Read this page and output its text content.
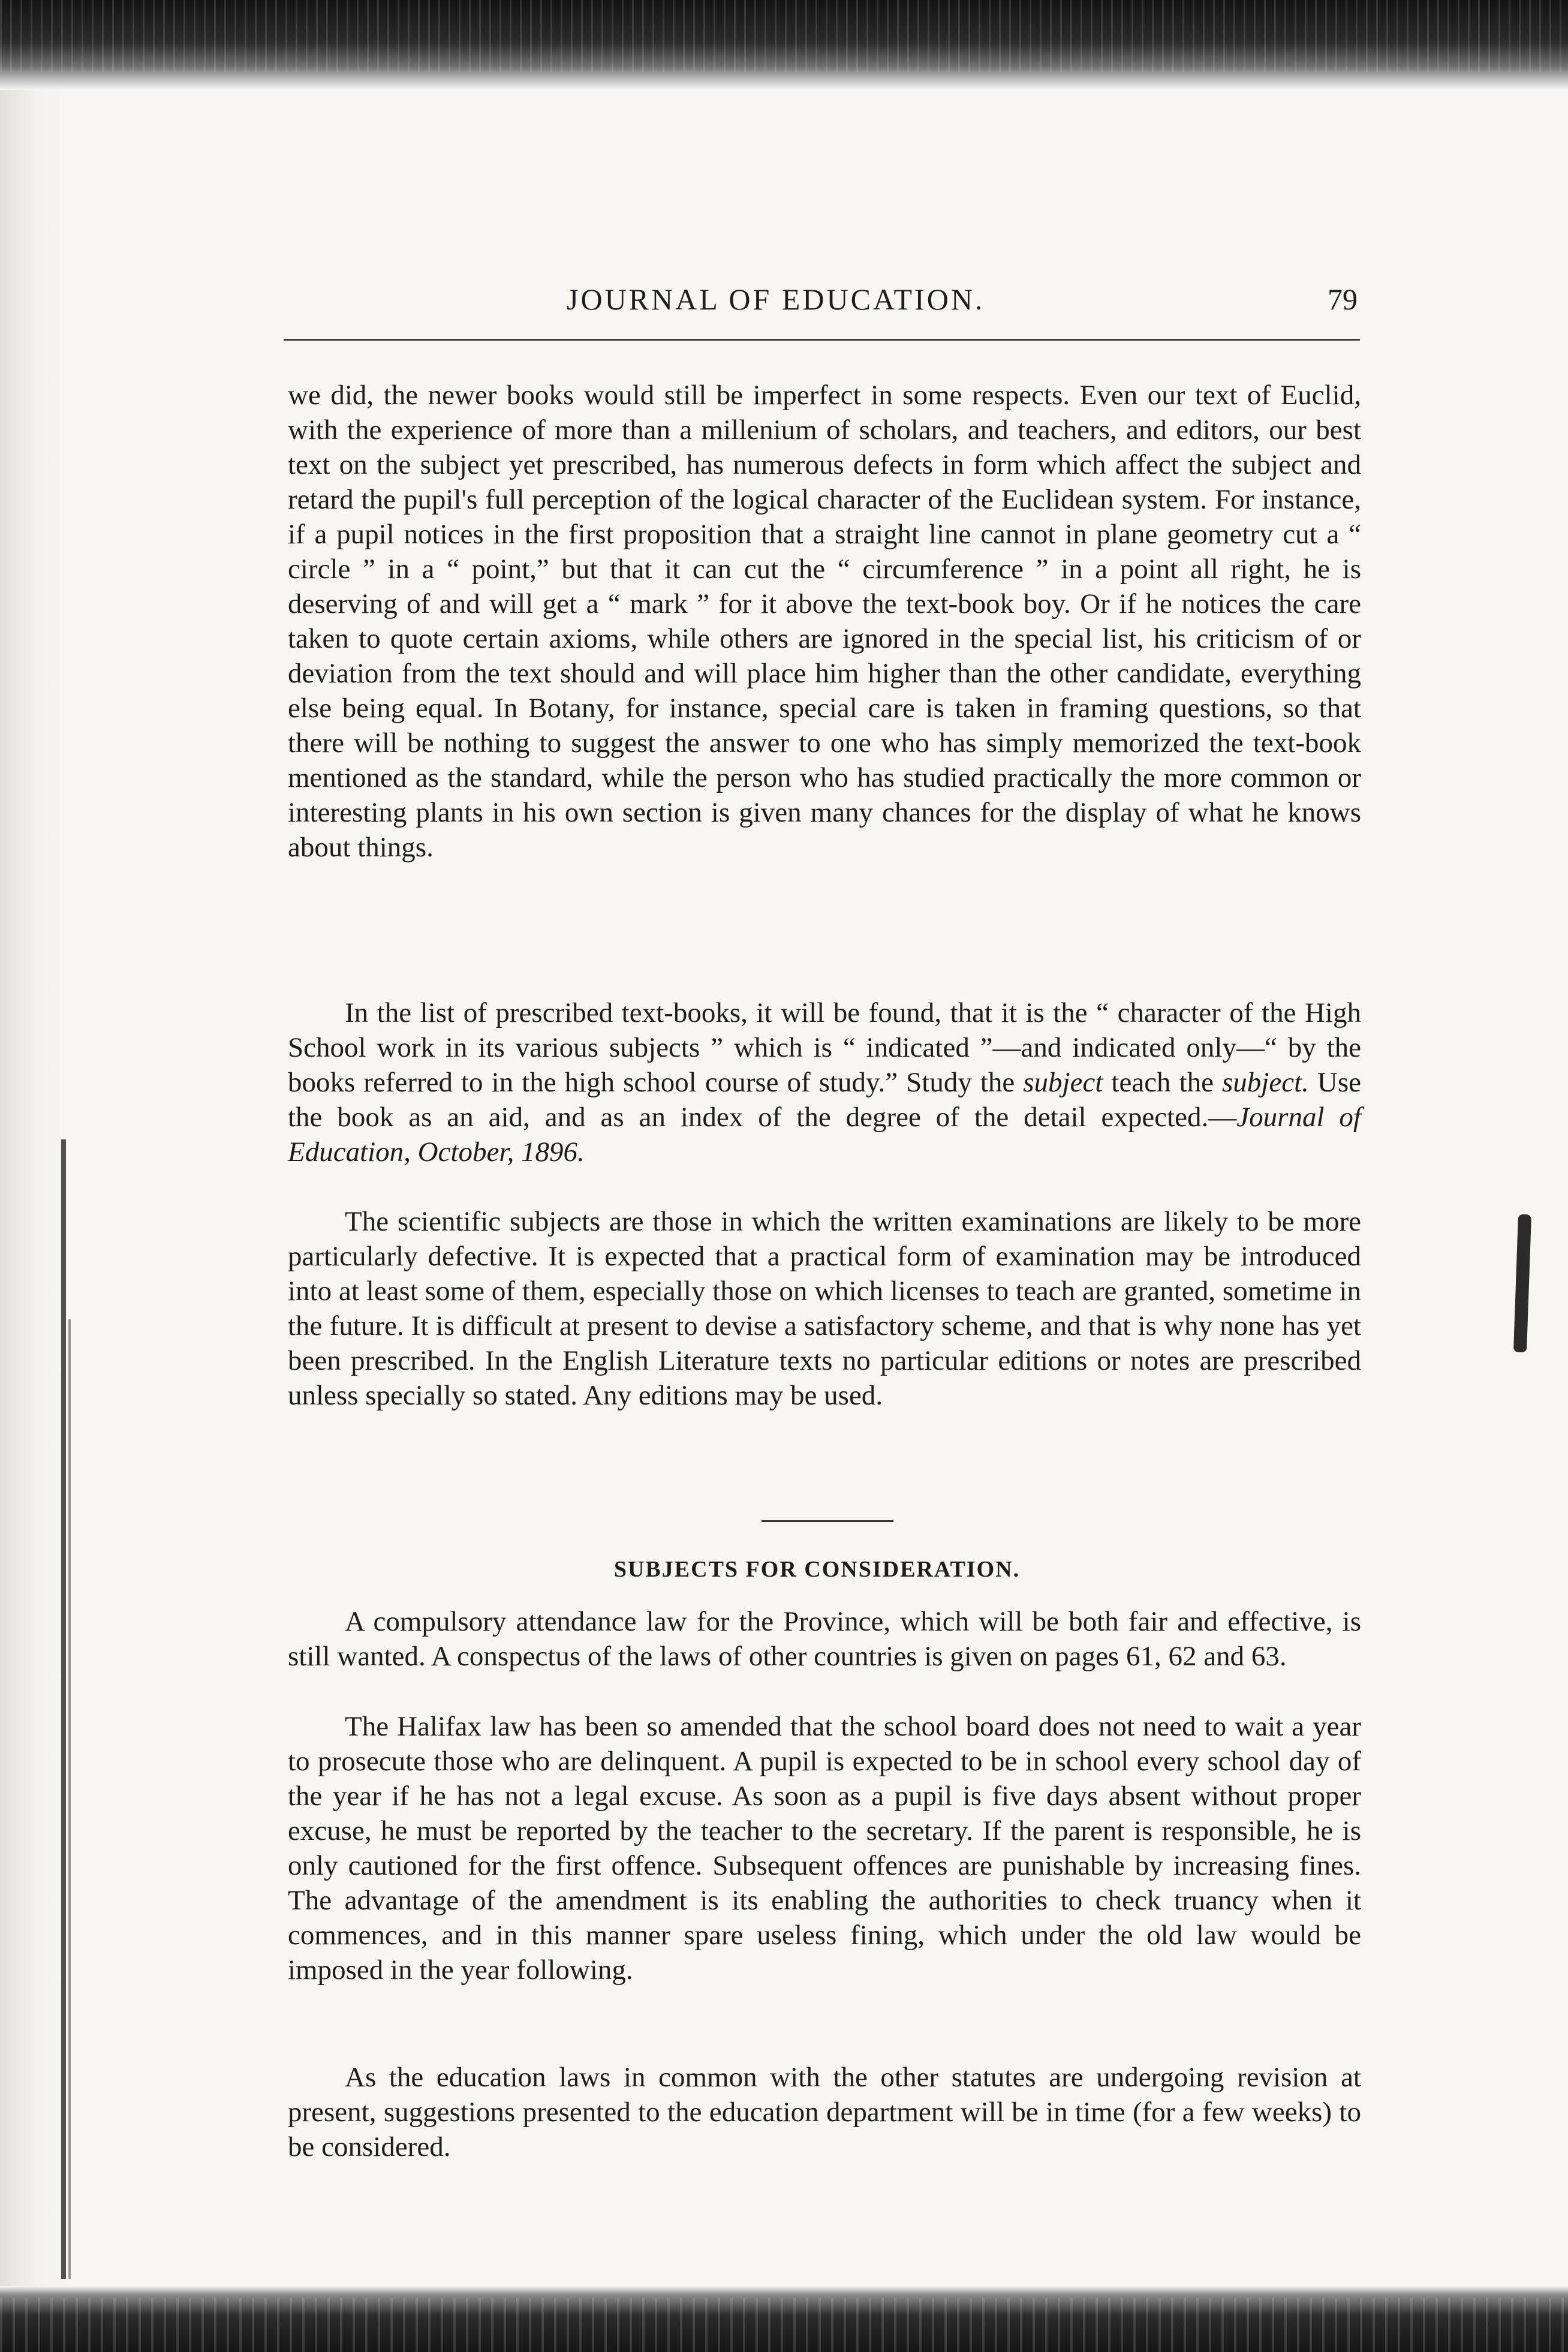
JOURNAL OF EDUCATION.	79

we did, the newer books would still be imperfect in some respects. Even our text of Euclid, with the experience of more than a millenium of scholars, and teachers, and editors, our best text on the subject yet prescribed, has numerous defects in form which affect the subject and retard the pupil's full perception of the logical character of the Euclidean system. For instance, if a pupil notices in the first proposition that a straight line cannot in plane geometry cut a “ circle ” in a “ point,” but that it can cut the “ circumference ” in a point all right, he is deserving of and will get a “ mark ” for it above the text-book boy. Or if he notices the care taken to quote certain axioms, while others are ignored in the special list, his criticism of or deviation from the text should and will place him higher than the other candidate, everything else being equal. In Botany, for instance, special care is taken in framing questions, so that there will be nothing to suggest the answer to one who has simply memorized the text-book mentioned as the standard, while the person who has studied practically the more common or interesting plants in his own section is given many chances for the display of what he knows about things.

In the list of prescribed text-books, it will be found, that it is the “ character of the High School work in its various subjects ” which is “ indicated ”—and indicated only—“ by the books referred to in the high school course of study.” Study the subject teach the subject. Use the book as an aid, and as an index of the degree of the detail expected.—Journal of Education, October, 1896.

The scientific subjects are those in which the written examinations are likely to be more particularly defective. It is expected that a practical form of examination may be introduced into at least some of them, especially those on which licenses to teach are granted, sometime in the future. It is difficult at present to devise a satisfactory scheme, and that is why none has yet been prescribed. In the English Literature texts no particular editions or notes are prescribed unless specially so stated. Any editions may be used.

SUBJECTS FOR CONSIDERATION.

A compulsory attendance law for the Province, which will be both fair and effective, is still wanted. A conspectus of the laws of other countries is given on pages 61, 62 and 63.

The Halifax law has been so amended that the school board does not need to wait a year to prosecute those who are delinquent. A pupil is expected to be in school every school day of the year if he has not a legal excuse. As soon as a pupil is five days absent without proper excuse, he must be reported by the teacher to the secretary. If the parent is responsible, he is only cautioned for the first offence. Subsequent offences are punishable by increasing fines. The advantage of the amendment is its enabling the authorities to check truancy when it commences, and in this manner spare useless fining, which under the old law would be imposed in the year following.

As the education laws in common with the other statutes are undergoing revision at present, suggestions presented to the education department will be in time (for a few weeks) to be considered.
